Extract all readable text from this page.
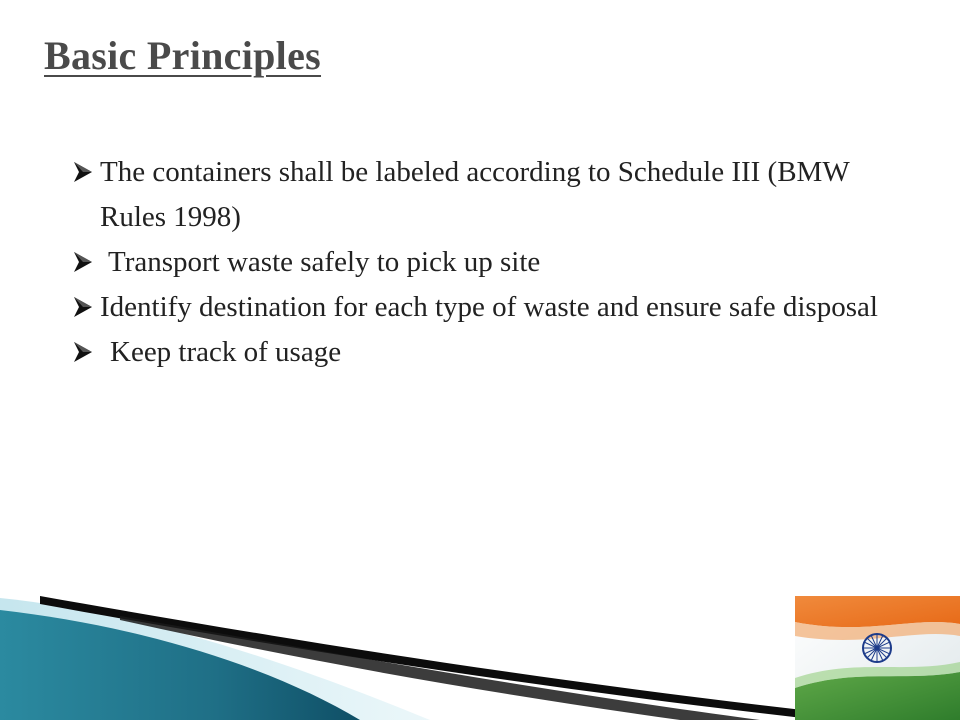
Basic Principles
The containers shall be labeled according to Schedule III (BMW Rules 1998)
Transport waste safely to pick up site
Identify destination for each type of waste and ensure safe disposal
Keep track of usage
